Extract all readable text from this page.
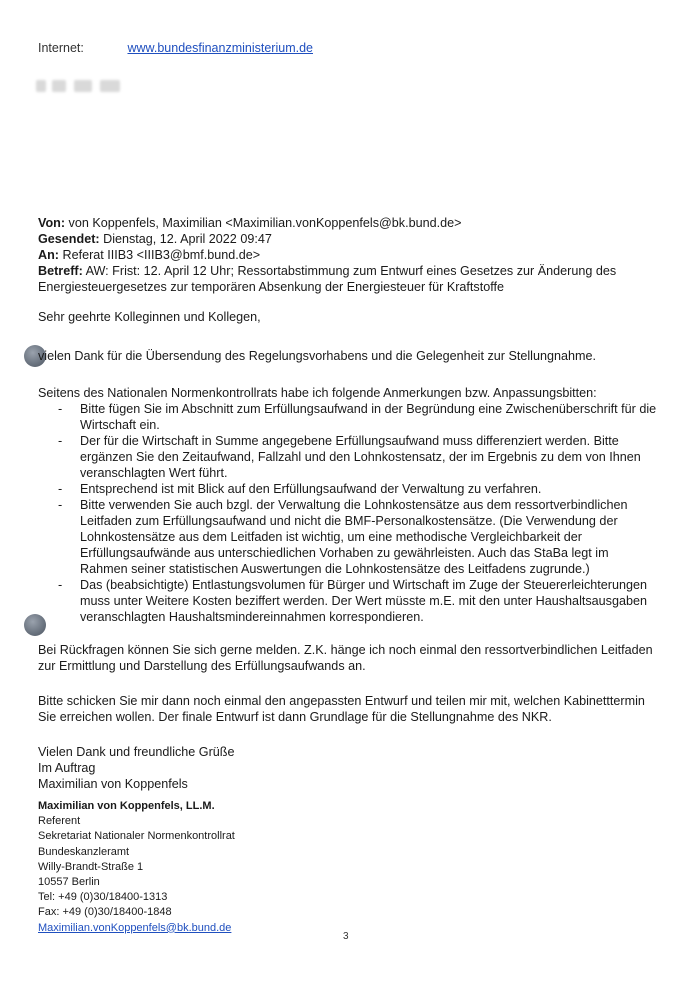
Internet:	www.bundesfinanzministerium.de
Von: von Koppenfels, Maximilian <Maximilian.vonKoppenfels@bk.bund.de>
Gesendet: Dienstag, 12. April 2022 09:47
An: Referat IIIB3 <IIIB3@bmf.bund.de>
Betreff: AW: Frist: 12. April 12 Uhr; Ressortabstimmung zum Entwurf eines Gesetzes zur Änderung des Energiesteuergesetzes zur temporären Absenkung der Energiesteuer für Kraftstoffe

Sehr geehrte Kolleginnen und Kollegen,

vielen Dank für die Übersendung des Regelungsvorhabens und die Gelegenheit zur Stellungnahme.

Seitens des Nationalen Normenkontrollrats habe ich folgende Anmerkungen bzw. Anpassungsbitten:

- Bitte fügen Sie im Abschnitt zum Erfüllungsaufwand in der Begründung eine Zwischenüberschrift für die Wirtschaft ein.
- Der für die Wirtschaft in Summe angegebene Erfüllungsaufwand muss differenziert werden. Bitte ergänzen Sie den Zeitaufwand, Fallzahl und den Lohnkostensatz, der im Ergebnis zu dem von Ihnen veranschlagten Wert führt.
- Entsprechend ist mit Blick auf den Erfüllungsaufwand der Verwaltung zu verfahren.
- Bitte verwenden Sie auch bzgl. der Verwaltung die Lohnkostensätze aus dem ressortverbindlichen Leitfaden zum Erfüllungsaufwand und nicht die BMF-Personalkostensätze. (Die Verwendung der Lohnkostensätze aus dem Leitfaden ist wichtig, um eine methodische Vergleichbarkeit der Erfüllungsaufwände aus unterschiedlichen Vorhaben zu gewährleisten. Auch das StaBa legt im Rahmen seiner statistischen Auswertungen die Lohnkostensätze des Leitfadens zugrunde.)
- Das (beabsichtigte) Entlastungsvolumen für Bürger und Wirtschaft im Zuge der Steuererleichterungen muss unter Weitere Kosten beziffert werden. Der Wert müsste m.E. mit den unter Haushaltsausgaben veranschlagten Haushaltsmindereinnahmen korrespondieren.

Bei Rückfragen können Sie sich gerne melden. Z.K. hänge ich noch einmal den ressortverbindlichen Leitfaden zur Ermittlung und Darstellung des Erfüllungsaufwands an.

Bitte schicken Sie mir dann noch einmal den angepassten Entwurf und teilen mir mit, welchen Kabinetttermin Sie erreichen wollen. Der finale Entwurf ist dann Grundlage für die Stellungnahme des NKR.

Vielen Dank und freundliche Grüße

Im Auftrag

Maximilian von Koppenfels

Maximilian von Koppenfels, LL.M.
Referent
Sekretariat Nationaler Normenkontrollrat
Bundeskanzleramt
Willy-Brandt-Straße 1
10557 Berlin
Tel: +49 (0)30/18400-1313
Fax: +49 (0)30/18400-1848
Maximilian.vonKoppenfels@bk.bund.de
3
